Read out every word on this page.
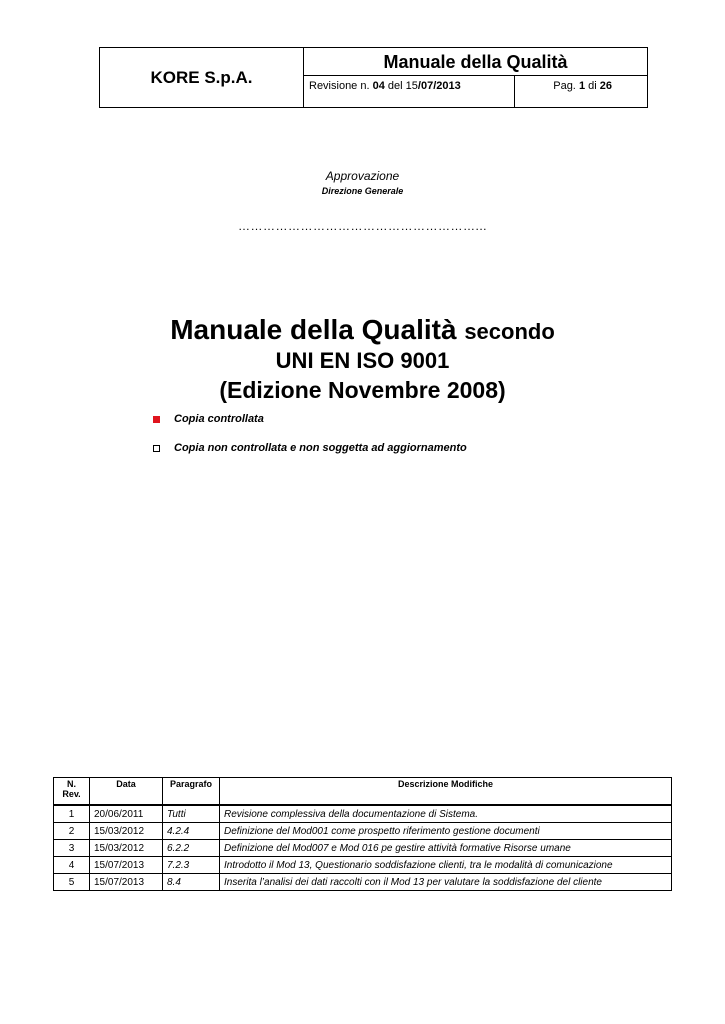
KORE S.p.A.
Manuale della Qualità
Revisione n. 04 del 15/07/2013	Pag. 1 di 26
Approvazione
Direzione Generale
…………………………………………………...
Manuale della Qualità secondo
UNI EN ISO 9001
(Edizione Novembre 2008)
Copia controllata
Copia non controllata e non soggetta ad aggiornamento
N. Rev.	Data	Paragrafo	Descrizione Modifiche
1	20/06/2011	Tutti	Revisione complessiva della documentazione di Sistema.
2	15/03/2012	4.2.4	Definizione del Mod001 come prospetto riferimento gestione documenti
3	15/03/2012	6.2.2	Definizione del Mod007 e Mod 016 pe gestire attività formative Risorse umane
4	15/07/2013	7.2.3	Introdotto il Mod 13, Questionario soddisfazione clienti, tra le modalità di comunicazione
5	15/07/2013	8.4	Inserita l’analisi dei dati raccolti con il Mod 13 per valutare la soddisfazione del cliente
